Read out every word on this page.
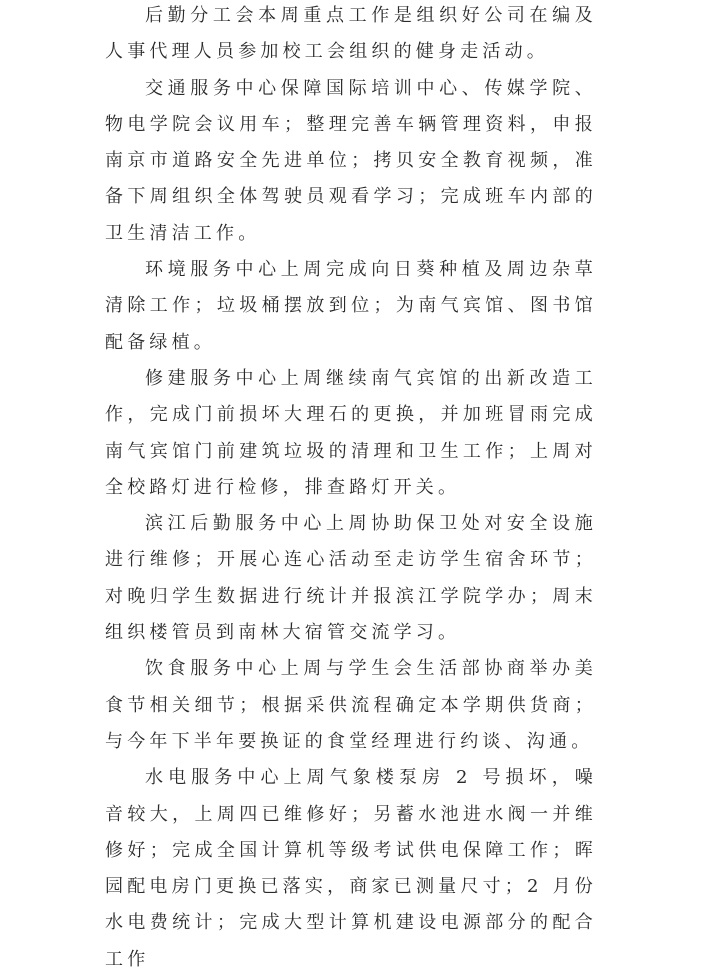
后勤分工会本周重点工作是组织好公司在编及人事代理人员参加校工会组织的健身走活动。

交通服务中心保障国际培训中心、传媒学院、物电学院会议用车；整理完善车辆管理资料，申报南京市道路安全先进单位；拷贝安全教育视频，准备下周组织全体驾驶员观看学习；完成班车内部的卫生清洁工作。

环境服务中心上周完成向日葵种植及周边杂草清除工作；垃圾桶摆放到位；为南气宾馆、图书馆配备绿植。

修建服务中心上周继续南气宾馆的出新改造工作，完成门前损坏大理石的更换，并加班冒雨完成南气宾馆门前建筑垃圾的清理和卫生工作；上周对全校路灯进行检修，排查路灯开关。

滨江后勤服务中心上周协助保卫处对安全设施进行维修；开展心连心活动至走访学生宿舍环节；对晚归学生数据进行统计并报滨江学院学办；周末组织楼管员到南林大宿管交流学习。

饮食服务中心上周与学生会生活部协商举办美食节相关细节；根据采供流程确定本学期供货商；与今年下半年要换证的食堂经理进行约谈、沟通。

水电服务中心上周气象楼泵房 2 号损坏，噪音较大，上周四已维修好；另蓄水池进水阀一并维修好；完成全国计算机等级考试供电保障工作；晖园配电房门更换已落实，商家已测量尺寸；2 月份水电费统计；完成大型计算机建设电源部分的配合工作
